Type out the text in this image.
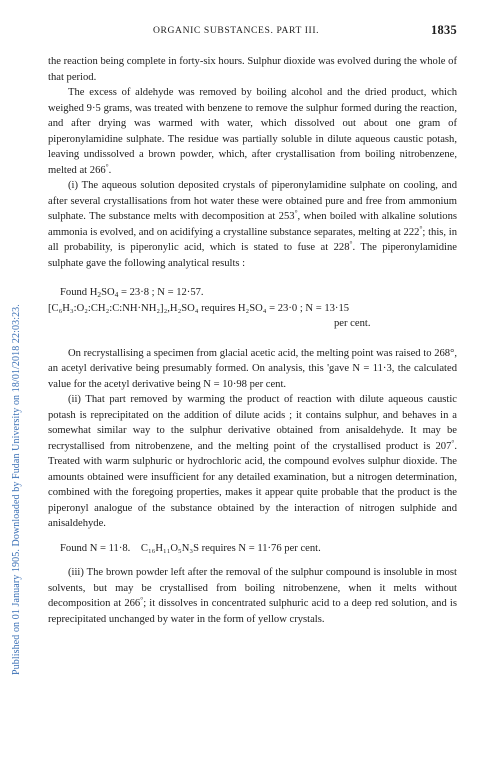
ORGANIC SUBSTANCES. PART III.	1835
Published on 01 January 1905. Downloaded by Fudan University on 18/01/2018 22:03:23.

the reaction being complete in forty-six hours. Sulphur dioxide was evolved during the whole of that period.

The excess of aldehyde was removed by boiling alcohol and the dried product, which weighed 9·5 grams, was treated with benzene to remove the sulphur formed during the reaction, and after drying was warmed with water, which dissolved out about one gram of piperonylamidine sulphate. The residue was partially soluble in dilute aqueous caustic potash, leaving undissolved a brown powder, which, after crystallisation from boiling nitrobenzene, melted at 266°.

(i) The aqueous solution deposited crystals of piperonylamidine sulphate on cooling, and after several crystallisations from hot water these were obtained pure and free from ammonium sulphate. The substance melts with decomposition at 253°, when boiled with alkaline solutions ammonia is evolved, and on acidifying a crystalline substance separates, melting at 222°; this, in all probability, is piperonylic acid, which is stated to fuse at 228°. The piperonylamidine sulphate gave the following analytical results :

Found $H_2SO_4 = 23\cdot 8$ ; N = 12·57.

[C₆H₃:O₂:CH₂:C:NH·NH₂]₂,H₂SO₄ requires H₂SO₄ = 23·0 ; N = 13·15

per cent.

On recrystallising a specimen from glacial acetic acid, the melting point was raised to 268°, an acetyl derivative being presumably formed. On analysis, this 'gave N = 11·3, the calculated value for the acetyl derivative being N = 10·98 per cent.

(ii) That part removed by warming the product of reaction with dilute aqueous caustic potash is reprecipitated on the addition of dilute acids ; it contains sulphur, and behaves in a somewhat similar way to the sulphur derivative obtained from anisaldehyde. It may be recrystallised from nitrobenzene, and the melting point of the crystallised product is 207°. Treated with warm sulphuric or hydrochloric acid, the compound evolves sulphur dioxide. The amounts obtained were insufficient for any detailed examination, but a nitrogen determination, combined with the foregoing properties, makes it appear quite probable that the product is the piperonyl analogue of the substance obtained by the interaction of nitrogen sulphide and anisaldehyde.

Found N = 11·8. C₁₆H₁₁O₅N₃S requires N = 11·76 per cent.

(iii) The brown powder left after the removal of the sulphur compound is insoluble in most solvents, but may be crystallised from boiling nitrobenzene, when it melts without decomposition at 266°; it dissolves in concentrated sulphuric acid to a deep red solution, and is reprecipitated unchanged by water in the form of yellow crystals.
